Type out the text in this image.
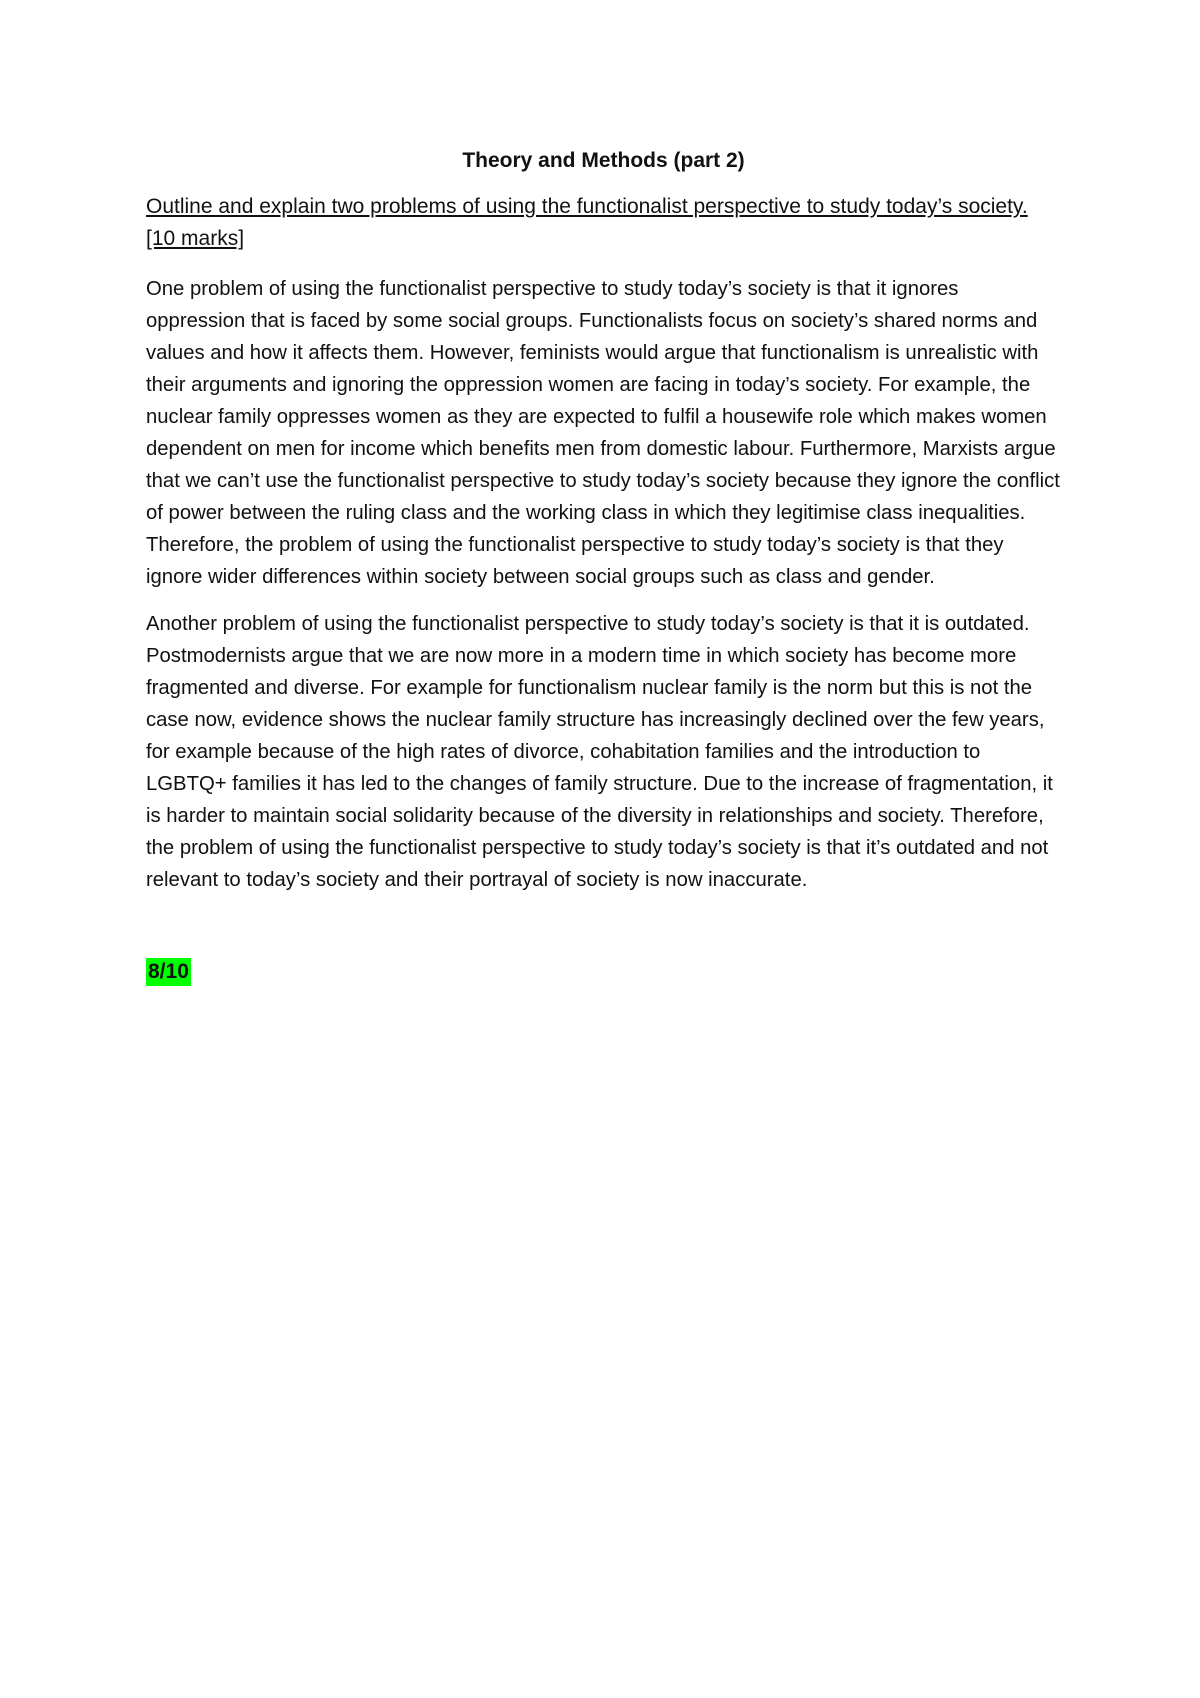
Theory and Methods (part 2)
Outline and explain two problems of using the functionalist perspective to study today’s society. [10 marks]

One problem of using the functionalist perspective to study today’s society is that it ignores oppression that is faced by some social groups. Functionalists focus on society’s shared norms and values and how it affects them. However, feminists would argue that functionalism is unrealistic with their arguments and ignoring the oppression women are facing in today’s society. For example, the nuclear family oppresses women as they are expected to fulfil a housewife role which makes women dependent on men for income which benefits men from domestic labour. Furthermore, Marxists argue that we can’t use the functionalist perspective to study today’s society because they ignore the conflict of power between the ruling class and the working class in which they legitimise class inequalities. Therefore, the problem of using the functionalist perspective to study today’s society is that they ignore wider differences within society between social groups such as class and gender.

Another problem of using the functionalist perspective to study today’s society is that it is outdated. Postmodernists argue that we are now more in a modern time in which society has become more fragmented and diverse. For example for functionalism nuclear family is the norm but this is not the case now, evidence shows the nuclear family structure has increasingly declined over the few years, for example because of the high rates of divorce, cohabitation families and the introduction to LGBTQ+ families it has led to the changes of family structure. Due to the increase of fragmentation, it is harder to maintain social solidarity because of the diversity in relationships and society. Therefore, the problem of using the functionalist perspective to study today’s society is that it’s outdated and not relevant to today’s society and their portrayal of society is now inaccurate.

8/10
